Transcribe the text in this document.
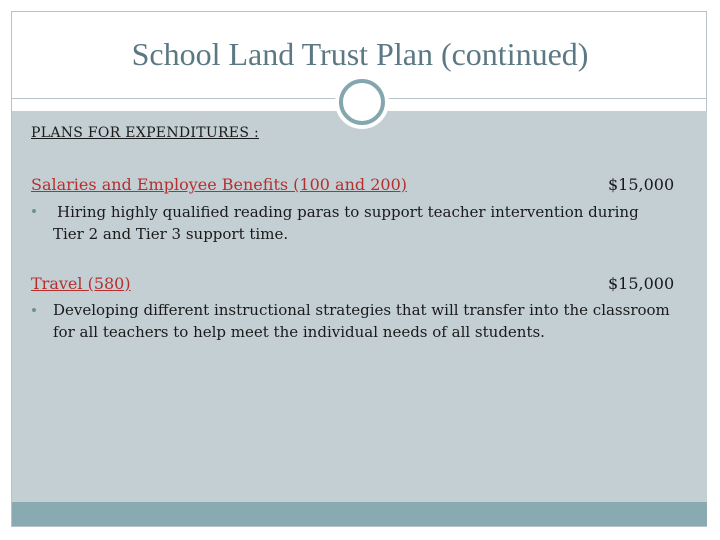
School Land Trust Plan (continued)
PLANS FOR EXPENDITURES :
Salaries and Employee Benefits (100 and 200)	$15,000
Hiring highly qualified reading paras to support teacher intervention during Tier 2 and Tier 3 support time.
Travel (580)	$15,000
Developing different instructional strategies that will transfer into the classroom for all teachers to help meet the individual needs of all students.
